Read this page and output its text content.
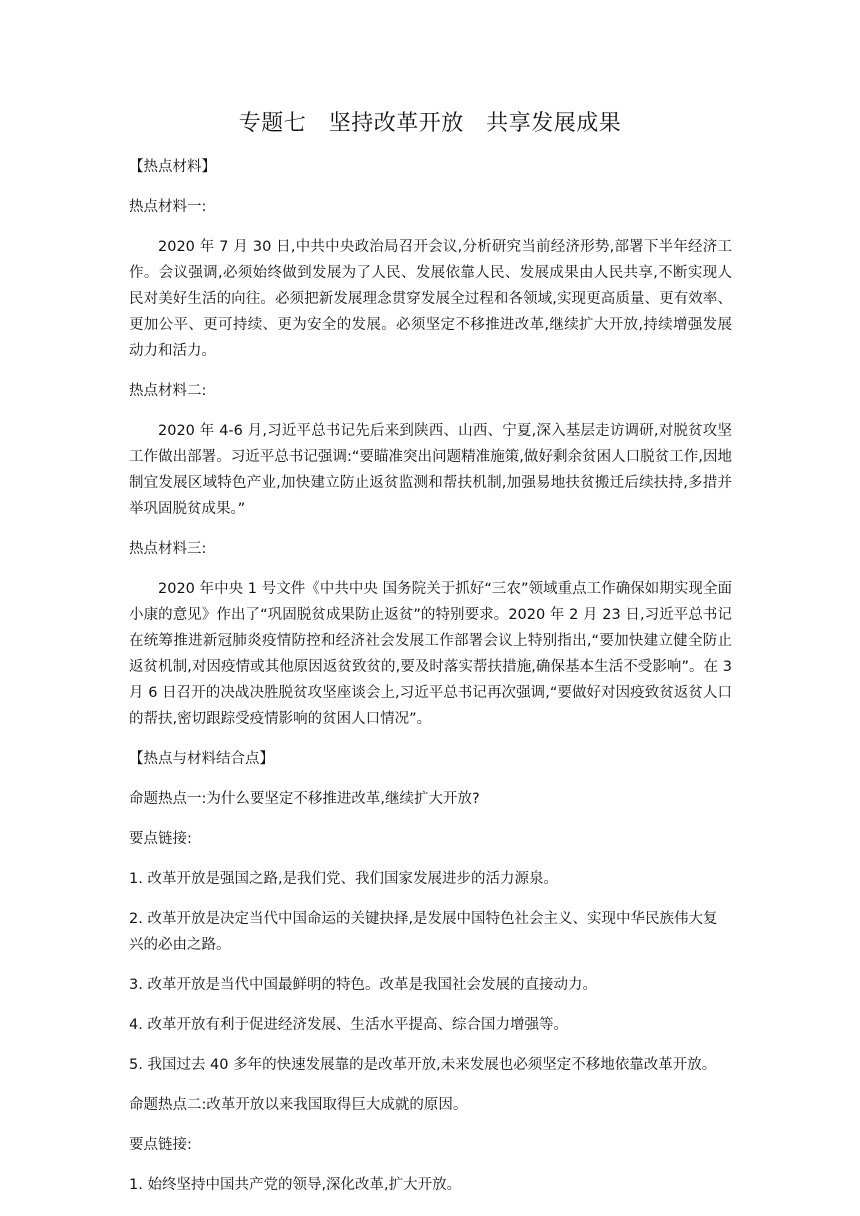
专题七　坚持改革开放　共享发展成果

【热点材料】

热点材料一:

2020 年 7 月 30 日,中共中央政治局召开会议,分析研究当前经济形势,部署下半年经济工作。会议强调,必须始终做到发展为了人民、发展依靠人民、发展成果由人民共享,不断实现人民对美好生活的向往。必须把新发展理念贯穿发展全过程和各领域,实现更高质量、更有效率、更加公平、更可持续、更为安全的发展。必须坚定不移推进改革,继续扩大开放,持续增强发展动力和活力。

热点材料二:

2020 年 4-6 月,习近平总书记先后来到陕西、山西、宁夏,深入基层走访调研,对脱贫攻坚工作做出部署。习近平总书记强调:“要瞄准突出问题精准施策,做好剩余贫困人口脱贫工作,因地制宜发展区域特色产业,加快建立防止返贫监测和帮扶机制,加强易地扶贫搬迁后续扶持,多措并举巩固脱贫成果。”

热点材料三:

2020 年中央 1 号文件《中共中央 国务院关于抓好“三农”领域重点工作确保如期实现全面小康的意见》作出了“巩固脱贫成果防止返贫”的特别要求。2020 年 2 月 23 日,习近平总书记在统筹推进新冠肺炎疫情防控和经济社会发展工作部署会议上特别指出,“要加快建立健全防止返贫机制,对因疫情或其他原因返贫致贫的,要及时落实帮扶措施,确保基本生活不受影响”。在 3 月 6 日召开的决战决胜脱贫攻坚座谈会上,习近平总书记再次强调,“要做好对因疫致贫返贫人口的帮扶,密切跟踪受疫情影响的贫困人口情况”。

【热点与材料结合点】

命题热点一:为什么要坚定不移推进改革,继续扩大开放?

要点链接:

1. 改革开放是强国之路,是我们党、我们国家发展进步的活力源泉。

2. 改革开放是决定当代中国命运的关键抉择,是发展中国特色社会主义、实现中华民族伟大复兴的必由之路。

3. 改革开放是当代中国最鲜明的特色。改革是我国社会发展的直接动力。

4. 改革开放有利于促进经济发展、生活水平提高、综合国力增强等。

5. 我国过去 40 多年的快速发展靠的是改革开放,未来发展也必须坚定不移地依靠改革开放。

命题热点二:改革开放以来我国取得巨大成就的原因。

要点链接:

1. 始终坚持中国共产党的领导,深化改革,扩大开放。
